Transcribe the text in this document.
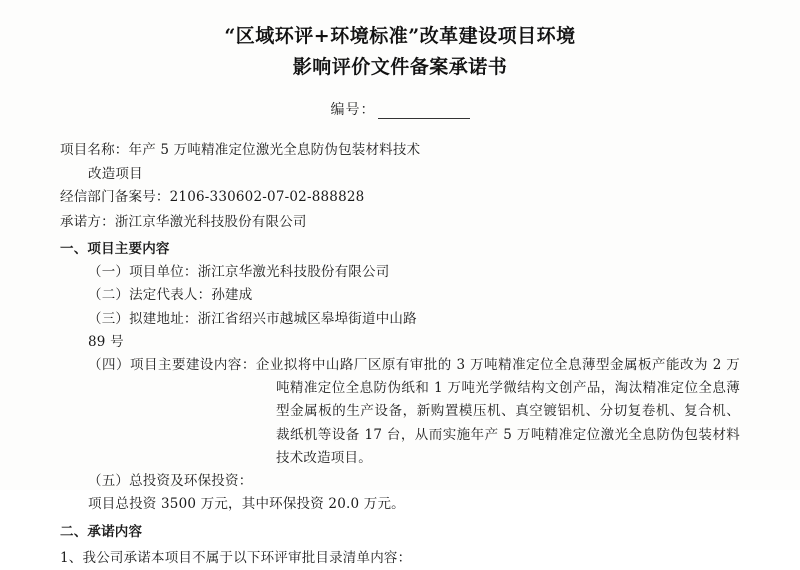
“区域环评+环境标准”改革建设项目环境
影响评价文件备案承诺书
编号：

项目名称：年产 5 万吨精准定位激光全息防伪包装材料技术

改造项目

经信部门备案号：2106-330602-07-02-888828

承诺方：浙江京华激光科技股份有限公司

一、项目主要内容

（一）项目单位：浙江京华激光科技股份有限公司

（二）法定代表人：孙建成

（三）拟建地址：浙江省绍兴市越城区皋埠街道中山路

89 号

（四）项目主要建设内容：企业拟将中山路厂区原有审批的 3 万吨精准定位全息薄型金属板产能改为 2 万吨精准定位全息防伪纸和 1 万吨光学微结构文创产品，淘汰精准定位全息薄型金属板的生产设备，新购置模压机、真空镀铝机、分切复卷机、复合机、裁纸机等设备 17 台，从而实施年产 5 万吨精准定位激光全息防伪包装材料技术改造项目。

（五）总投资及环保投资：

项目总投资 3500 万元，其中环保投资 20.0 万元。

二、承诺内容

1、我公司承诺本项目不属于以下环评审批目录清单内容：
